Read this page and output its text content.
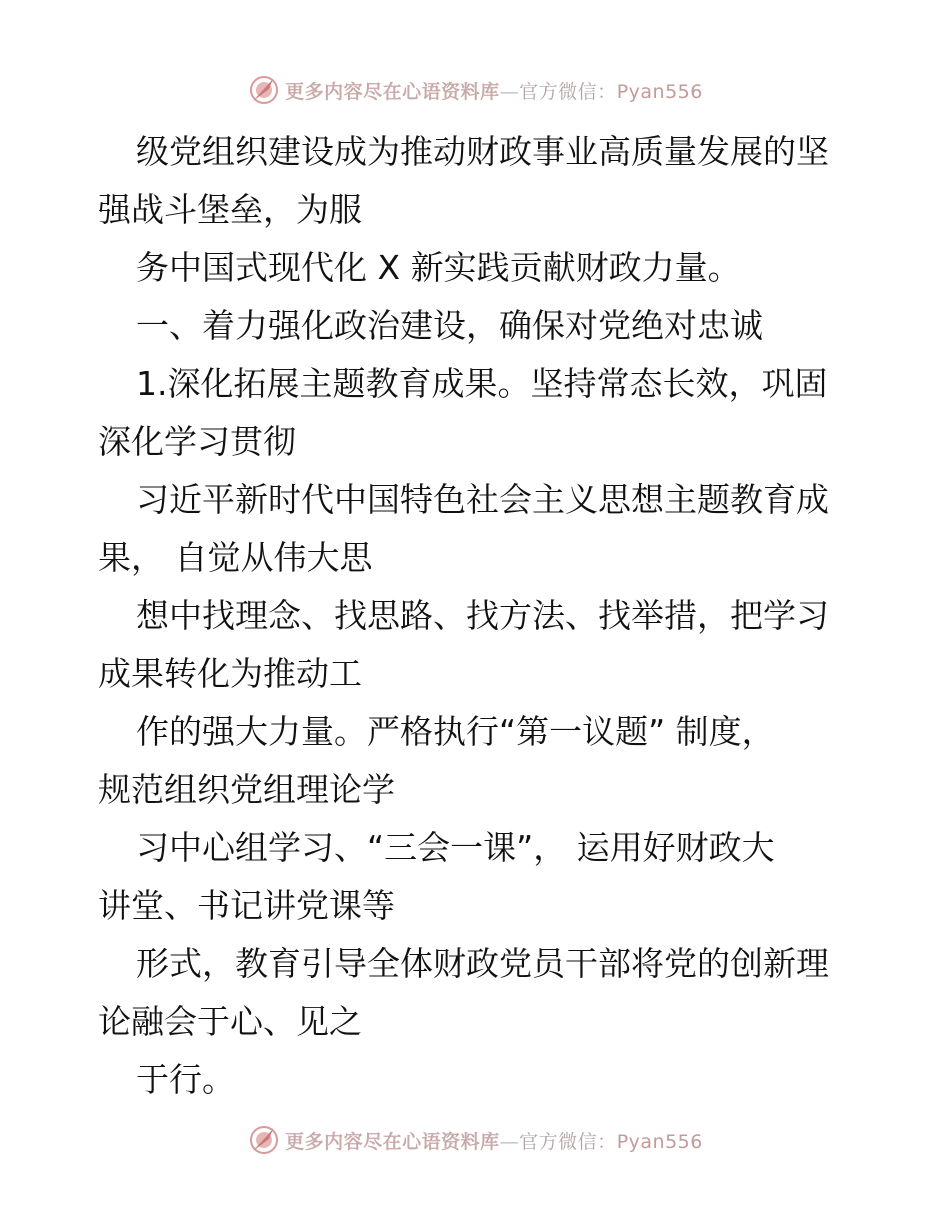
更多内容尽在心语资料库—官方微信：Pyan556
级党组织建设成为推动财政事业高质量发展的坚
强战斗堡垒，为服
务中国式现代化 X 新实践贡献财政力量。
一、着力强化政治建设，确保对党绝对忠诚
1.深化拓展主题教育成果。坚持常态长效，巩固
深化学习贯彻
习近平新时代中国特色社会主义思想主题教育成
果， 自觉从伟大思
想中找理念、找思路、找方法、找举措，把学习
成果转化为推动工
作的强大力量。严格执行“第一议题” 制度，
规范组织党组理论学
习中心组学习、“三会一课”， 运用好财政大
讲堂、书记讲党课等
形式，教育引导全体财政党员干部将党的创新理
论融会于心、见之
于行。
更多内容尽在心语资料库—官方微信：Pyan556
